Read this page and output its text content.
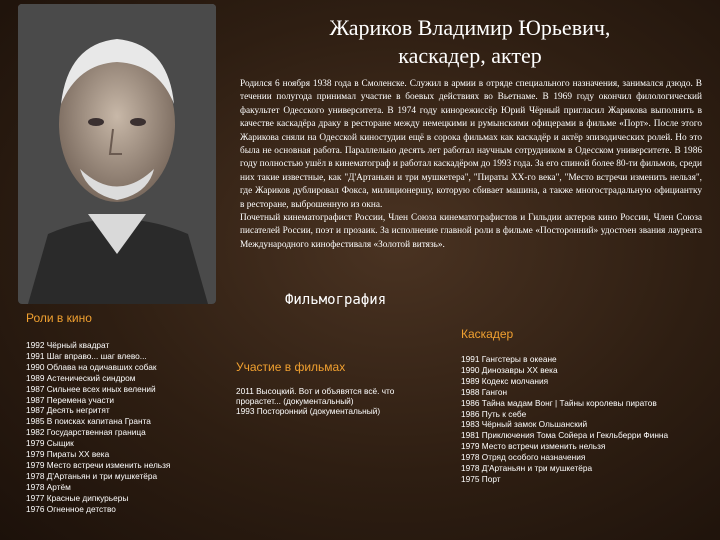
Жариков Владимир Юрьевич,
каскадер, актер

Родился 6 ноября 1938 года в Смоленске. Служил в армии в отряде специального назначения, занимался дзюдо. В течении полугода принимал участие в боевых действиях во Вьетнаме. В 1969 году окончил филологический факультет Одесского университета. В 1974 году кинорежиссёр Юрий Чёрный пригласил Жарикова выполнить в качестве каскадёра драку в ресторане между немецкими и румынскими офицерами в фильме «Порт». После этого Жарикова сняли на Одесской киностудии ещё в сорока фильмах как каскадёр и актёр эпизодических ролей. Но это была не основная работа. Параллельно десять лет работал научным сотрудником в Одесском университете. В 1986 году полностью ушёл в кинематограф и работал каскадёром до 1993 года. За его спиной более 80-ти фильмов, среди них такие известные, как "Д'Артаньян и три мушкетера", "Пираты ХХ-го века", "Место встречи изменить нельзя", где Жариков дублировал Фокса, милиционершу, которую сбивает машина, а также многострадальную официантку в ресторане, выброшенную из окна.

Почетный кинематографист России, Член Союза кинематографистов и Гильдии актеров кино России, Член Союза писателей России, поэт и прозаик. За исполнение главной роли в фильме «Посторонний» удостоен звания лауреата Международного кинофестиваля «Золотой витязь».

Фильмография
Роли в кино
1992 Чёрный квадрат
1991 Шаг вправо... шаг влево...
1990 Облава на одичавших собак
1989 Астенический синдром
1987 Сильнее всех иных велений
1987 Перемена участи
1987 Десять негритят
1985 В поисках капитана Гранта
1982 Государственная граница
1979 Сыщик
1979 Пираты ХХ века
1979 Место встречи изменить нельзя
1978 Д'Артаньян и три мушкетёра
1978 Артём
1977 Красные дипкурьеры
1976 Огненное детство
Участие в фильмах
2011 Высоцкий. Вот и объявятся всё. что
прорастет... (документальный)
1993 Посторонний (документальный)
Каскадер
1991 Гангстеры в океане
1990 Динозавры XX века
1989 Кодекс молчания
1988 Гангон
1986 Тайна мадам Вонг | Тайны королевы пиратов
1986 Путь к себе
1983 Чёрный замок Ольшанский
1981 Приключения Тома Сойера и Гекльберри Финна
1979 Место встречи изменить нельзя
1978 Отряд особого назначения
1978 Д'Артаньян и три мушкетёра
1975 Порт
